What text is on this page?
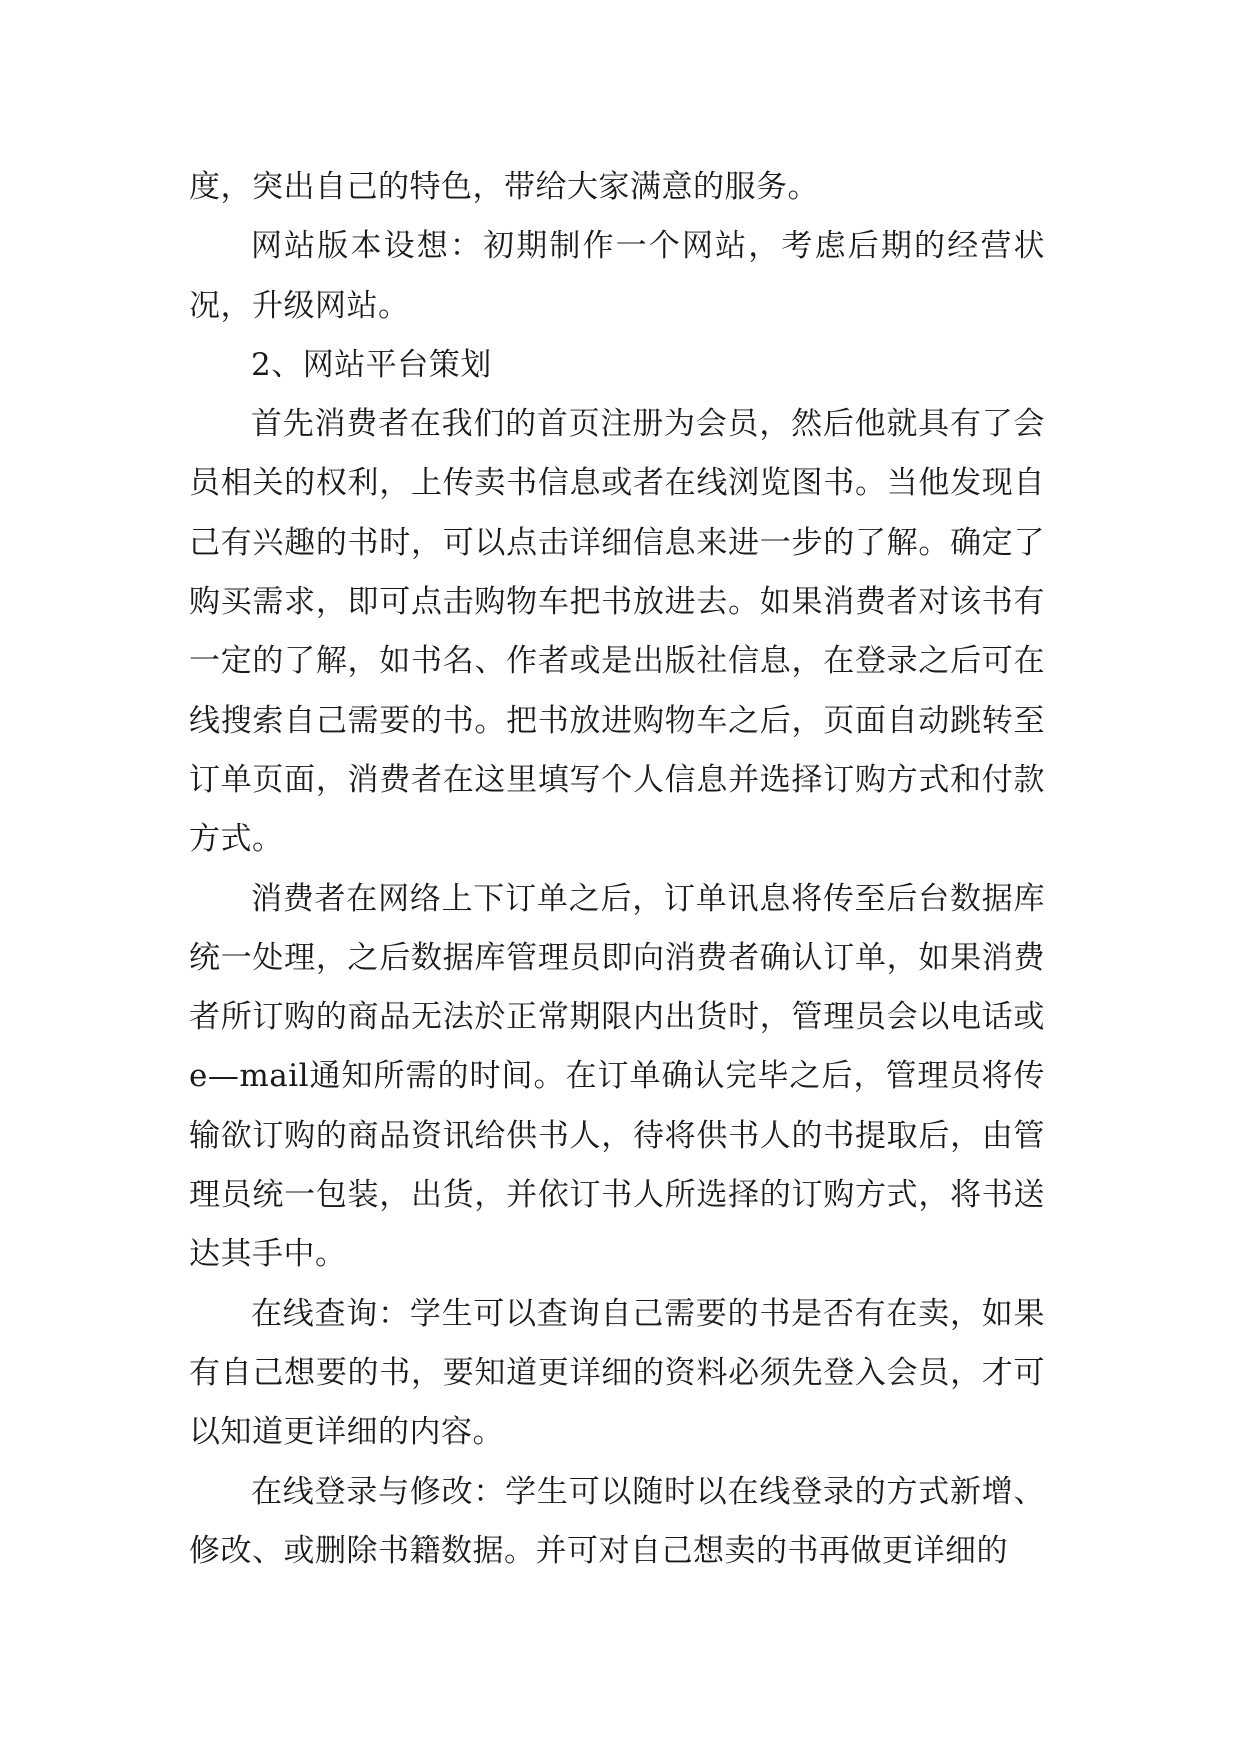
度，突出自己的特色，带给大家满意的服务。

网站版本设想：初期制作一个网站，考虑后期的经营状况，升级网站。

2、网站平台策划

首先消费者在我们的首页注册为会员，然后他就具有了会员相关的权利，上传卖书信息或者在线浏览图书。当他发现自己有兴趣的书时，可以点击详细信息来进一步的了解。确定了购买需求，即可点击购物车把书放进去。如果消费者对该书有一定的了解，如书名、作者或是出版社信息，在登录之后可在线搜索自己需要的书。把书放进购物车之后，页面自动跳转至订单页面，消费者在这里填写个人信息并选择订购方式和付款方式。

消费者在网络上下订单之后，订单讯息将传至后台数据库统一处理，之后数据库管理员即向消费者确认订单，如果消费者所订购的商品无法於正常期限内出货时，管理员会以电话或e—mail通知所需的时间。在订单确认完毕之后，管理员将传输欲订购的商品资讯给供书人，待将供书人的书提取后，由管理员统一包装，出货，并依订书人所选择的订购方式，将书送达其手中。

在线查询：学生可以查询自己需要的书是否有在卖，如果有自己想要的书，要知道更详细的资料必须先登入会员，才可以知道更详细的内容。

在线登录与修改：学生可以随时以在线登录的方式新增、修改、或删除书籍数据。并可对自己想卖的书再做更详细的
